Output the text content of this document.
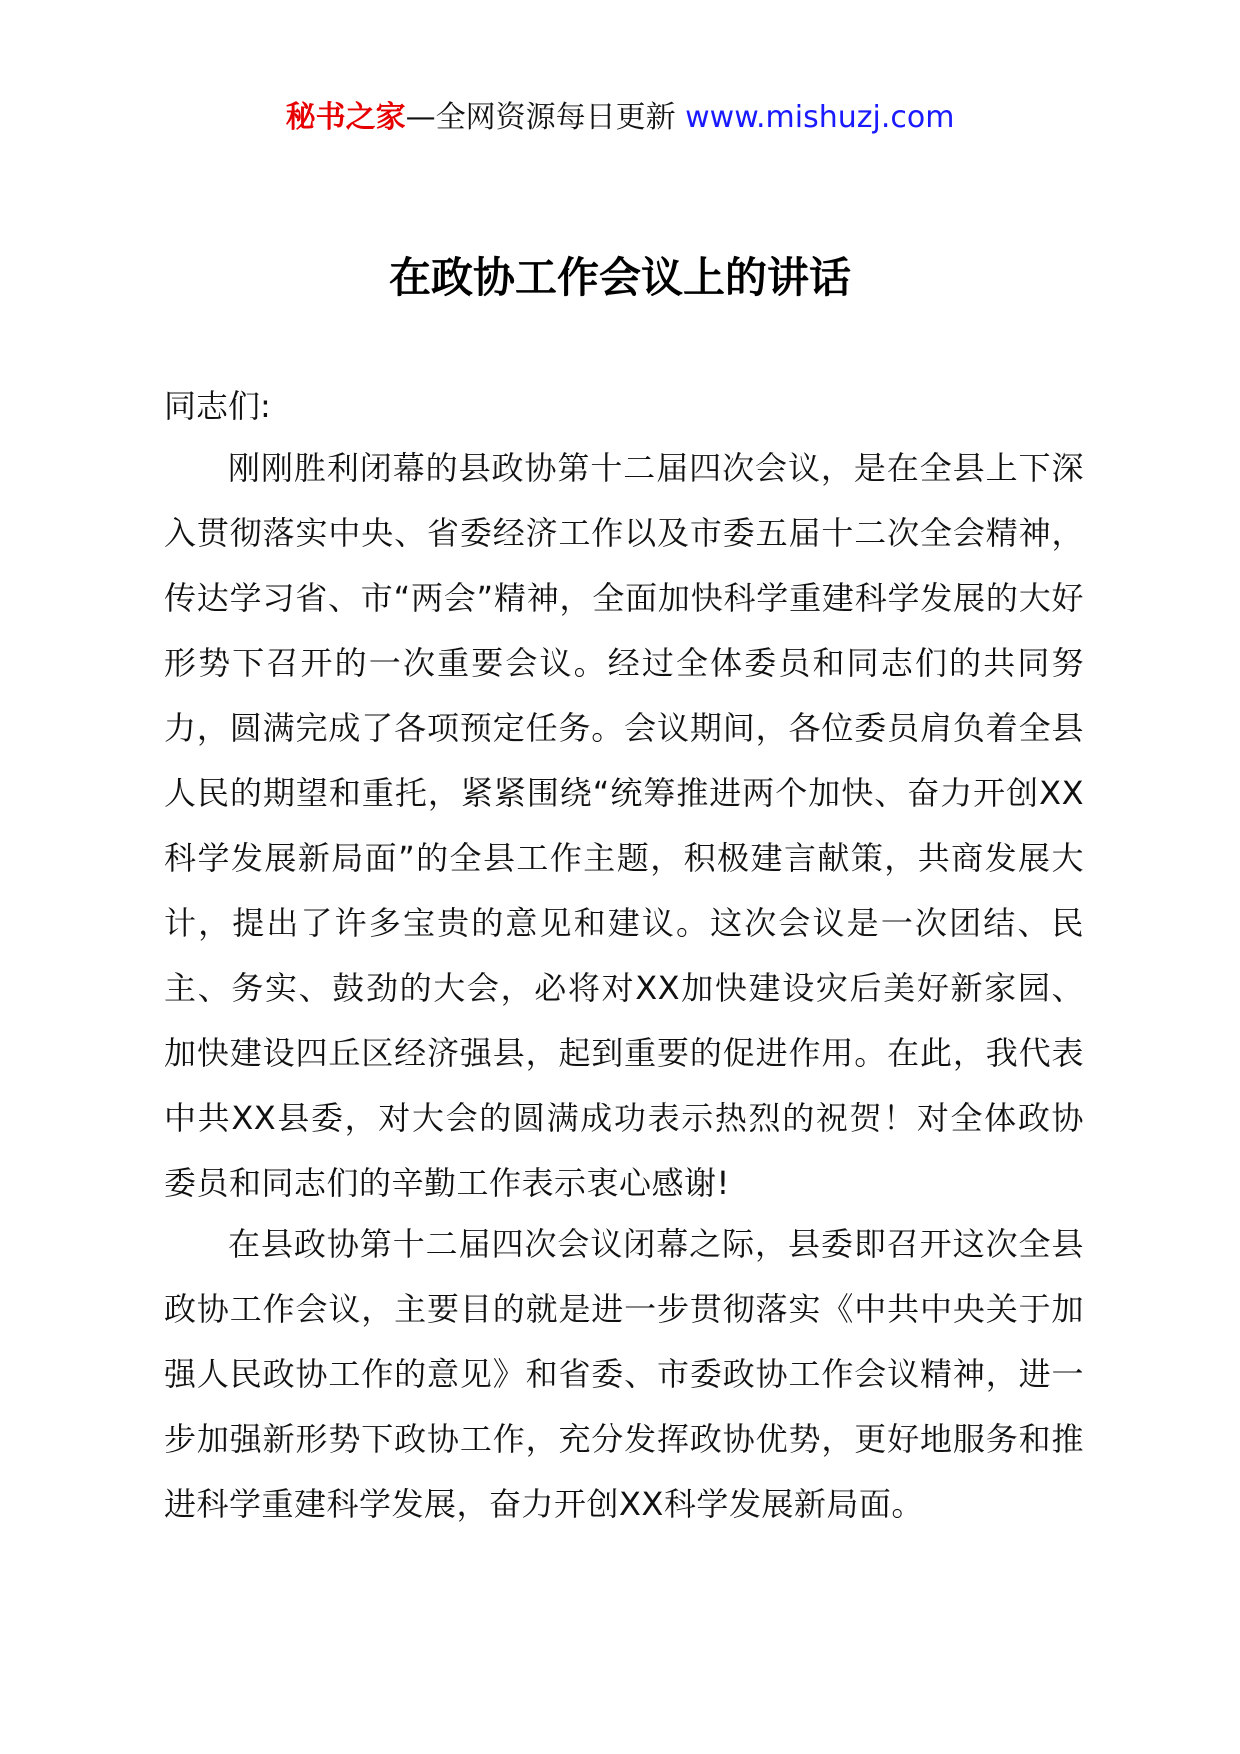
秘书之家—全网资源每日更新 www.mishuzj.com
在政协工作会议上的讲话

同志们:

刚刚胜利闭幕的县政协第十二届四次会议，是在全县上下深入贯彻落实中央、省委经济工作以及市委五届十二次全会精神，传达学习省、市“两会”精神，全面加快科学重建科学发展的大好形势下召开的一次重要会议。经过全体委员和同志们的共同努力，圆满完成了各项预定任务。会议期间，各位委员肩负着全县人民的期望和重托，紧紧围绕“统筹推进两个加快、奋力开创XX科学发展新局面”的全县工作主题，积极建言献策，共商发展大计，提出了许多宝贵的意见和建议。这次会议是一次团结、民主、务实、鼓劲的大会，必将对XX加快建设灾后美好新家园、加快建设四丘区经济强县，起到重要的促进作用。在此，我代表中共XX县委，对大会的圆满成功表示热烈的祝贺！对全体政协委员和同志们的辛勤工作表示衷心感谢!

在县政协第十二届四次会议闭幕之际，县委即召开这次全县政协工作会议，主要目的就是进一步贯彻落实《中共中央关于加强人民政协工作的意见》和省委、市委政协工作会议精神，进一步加强新形势下政协工作，充分发挥政协优势，更好地服务和推进科学重建科学发展，奋力开创XX科学发展新局面。
